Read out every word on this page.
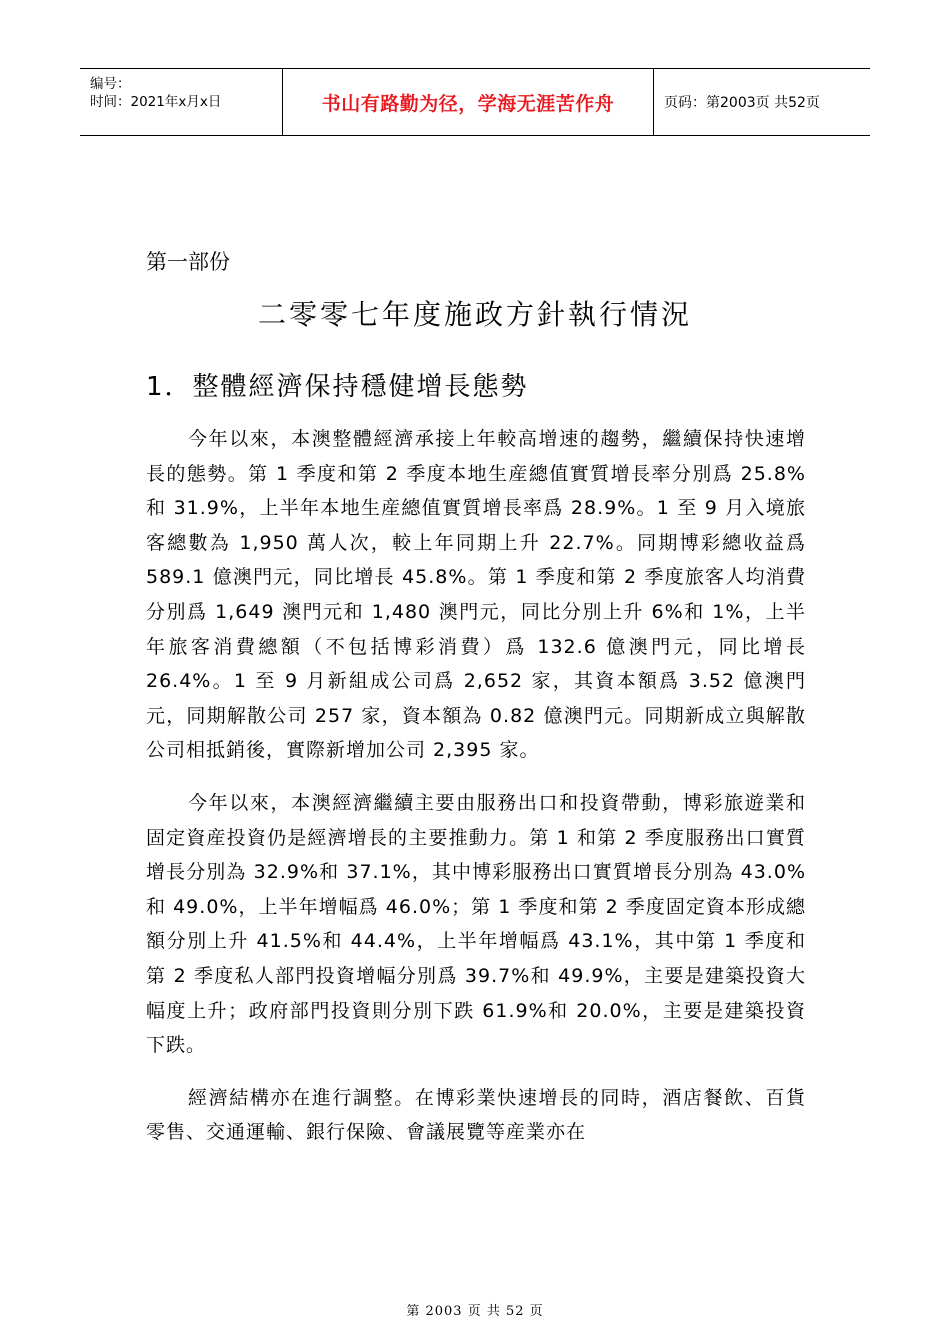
编号：
时间：2021年x月x日	书山有路勤为径，学海无涯苦作舟	页码：第2003页 共52页
第一部份
二零零七年度施政方針執行情況
1．整體經濟保持穩健增長態勢

今年以來，本澳整體經濟承接上年較高增速的趨勢，繼續保持快速增長的態勢。第 1 季度和第 2 季度本地生産總值實質增長率分別爲 25.8%和 31.9%，上半年本地生産總值實質增長率爲 28.9%。1 至 9 月入境旅客總數為 1,950 萬人次，較上年同期上升 22.7%。同期博彩總收益爲 589.1 億澳門元，同比增長 45.8%。第 1 季度和第 2 季度旅客人均消費分別爲 1,649 澳門元和 1,480 澳門元，同比分別上升 6%和 1%，上半年旅客消費總額（不包括博彩消費）爲 132.6 億澳門元，同比增長 26.4%。1 至 9 月新組成公司爲 2,652 家，其資本額爲 3.52 億澳門元，同期解散公司 257 家，資本額為 0.82 億澳門元。同期新成立與解散公司相抵銷後，實際新增加公司 2,395 家。

今年以來，本澳經濟繼續主要由服務出口和投資帶動，博彩旅遊業和固定資産投資仍是經濟增長的主要推動力。第 1 和第 2 季度服務出口實質增長分別為 32.9%和 37.1%，其中博彩服務出口實質增長分別為 43.0%和 49.0%，上半年增幅爲 46.0%；第 1 季度和第 2 季度固定資本形成總額分別上升 41.5%和 44.4%，上半年增幅爲 43.1%，其中第 1 季度和第 2 季度私人部門投資增幅分別爲 39.7%和 49.9%，主要是建築投資大幅度上升；政府部門投資則分別下跌 61.9%和 20.0%，主要是建築投資下跌。

經濟結構亦在進行調整。在博彩業快速增長的同時，酒店餐飲、百貨零售、交通運輸、銀行保險、會議展覽等産業亦在

第 2003 页 共 52 页
